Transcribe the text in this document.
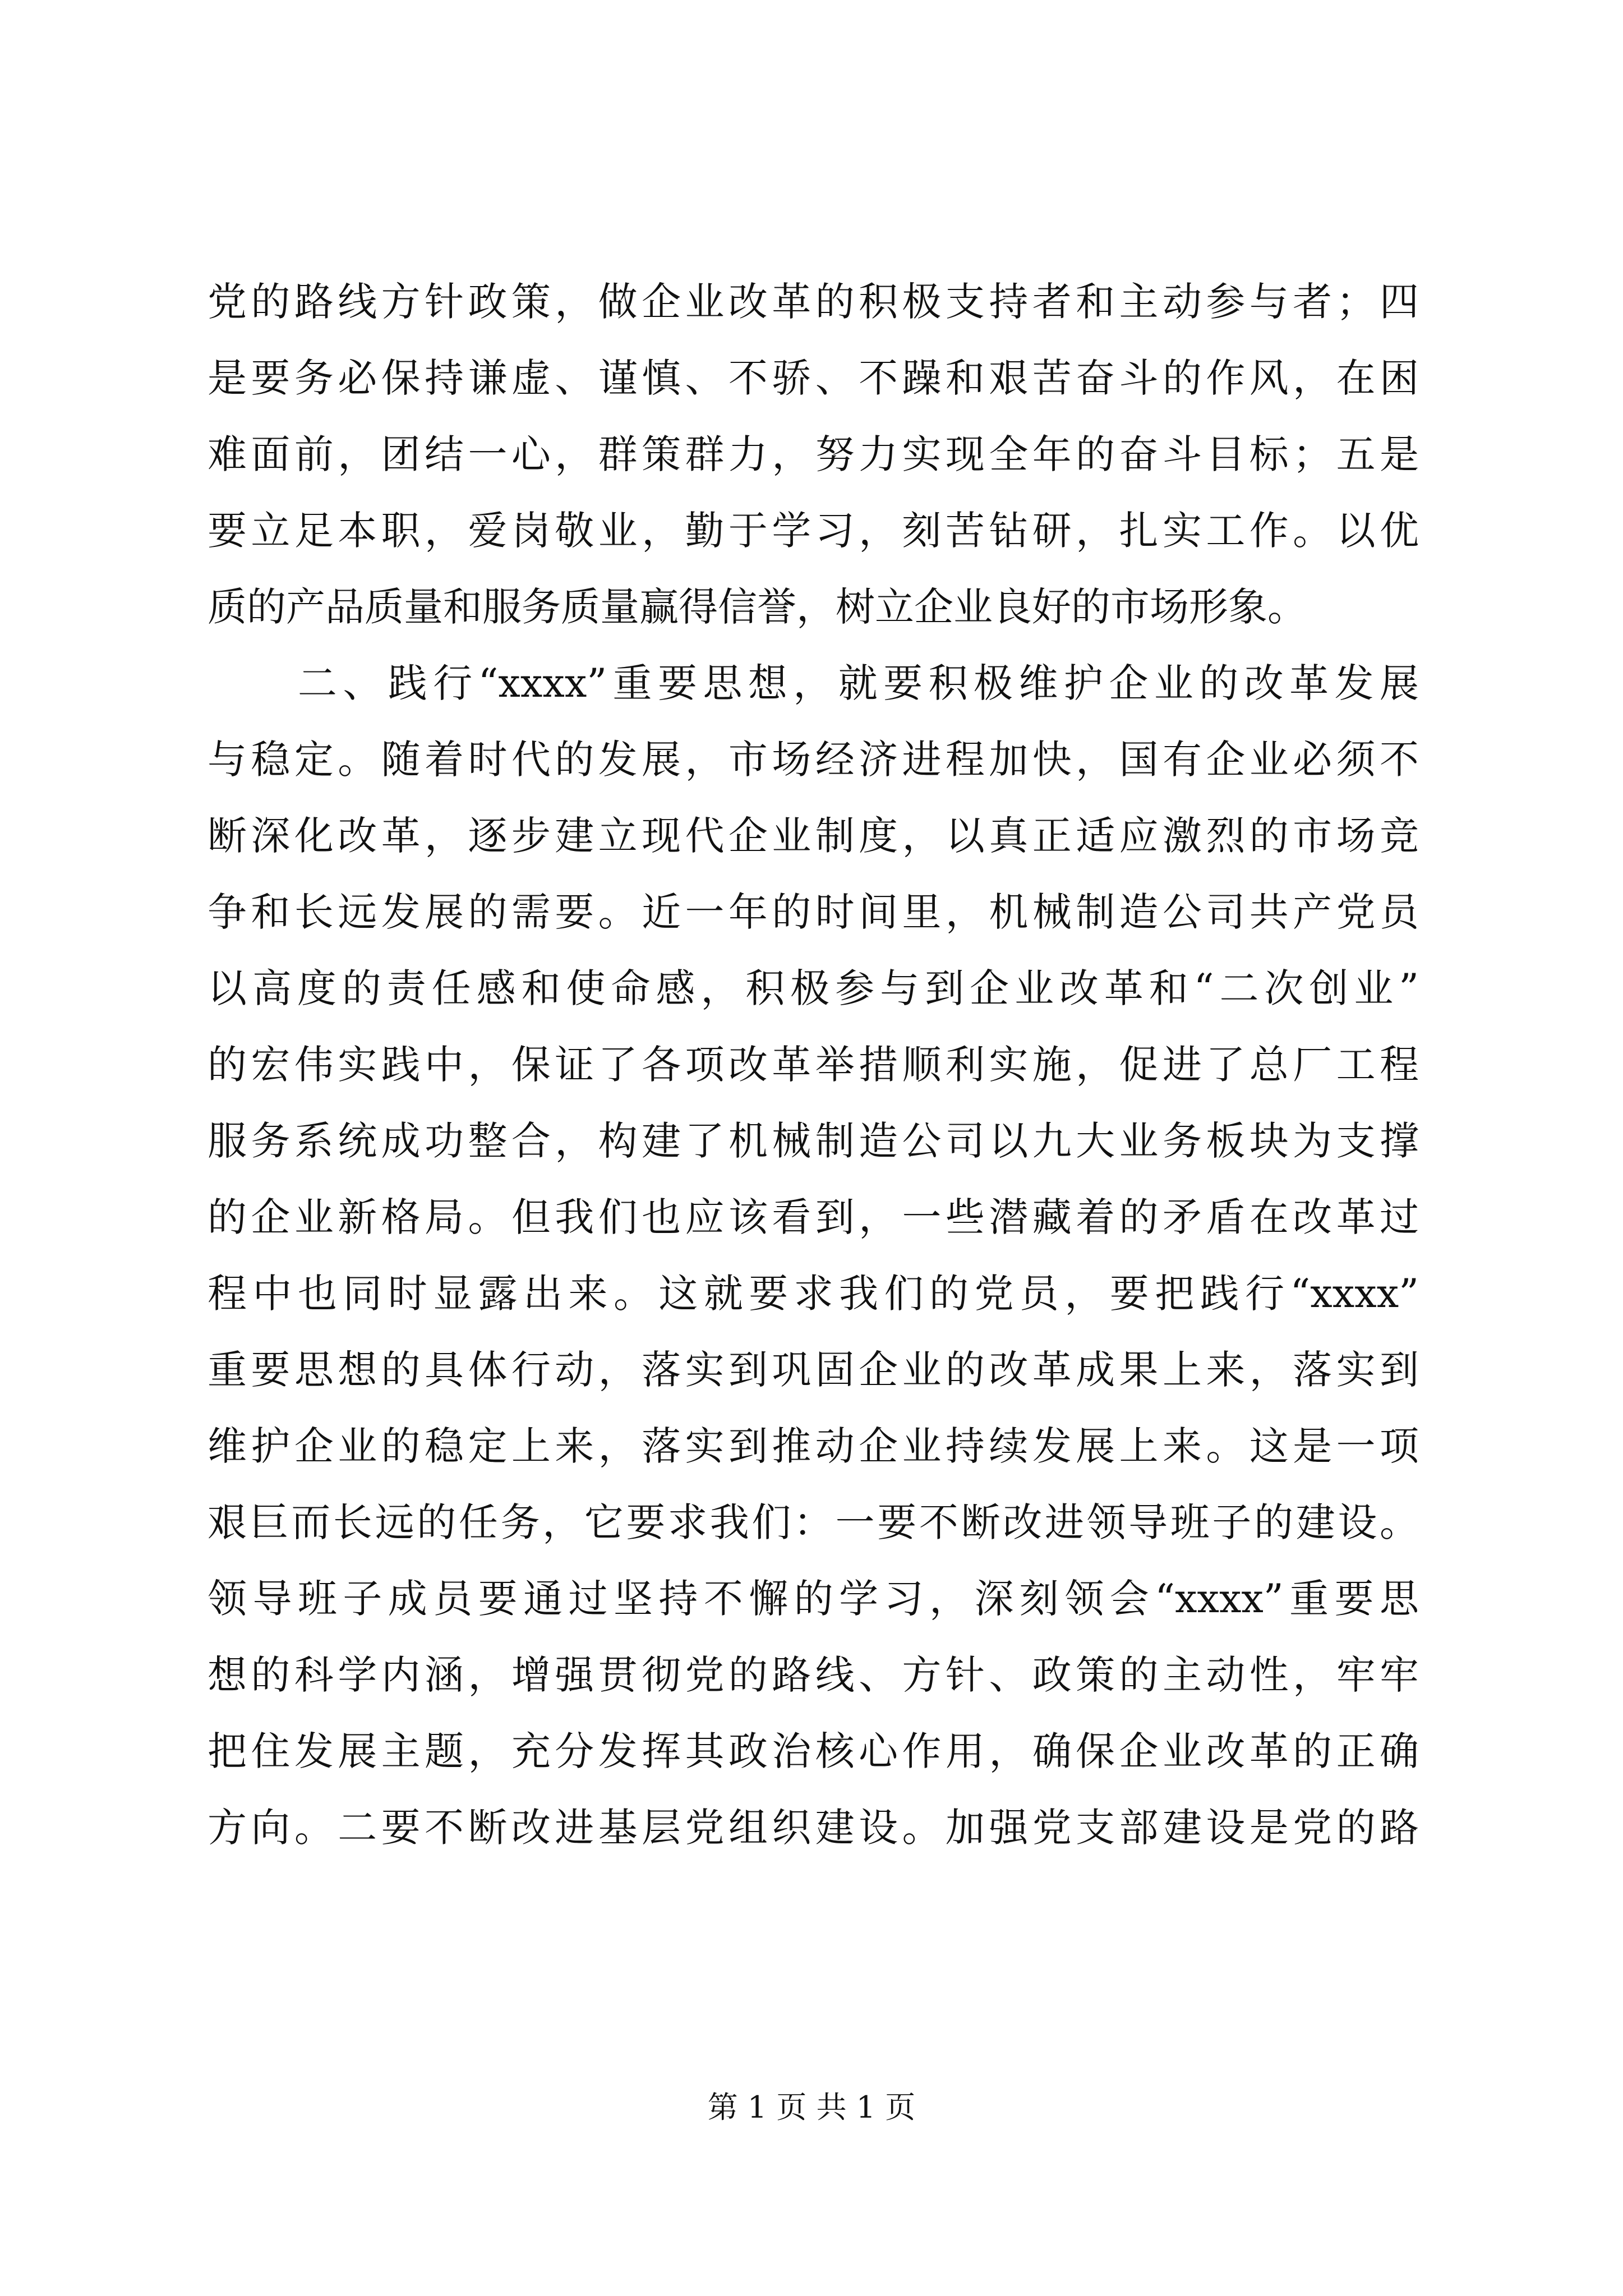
党的路线方针政策，做企业改革的积极支持者和主动参与者；四
是要务必保持谦虚、谨慎、不骄、不躁和艰苦奋斗的作风，在困
难面前，团结一心，群策群力，努力实现全年的奋斗目标；五是
要立足本职，爱岗敬业，勤于学习，刻苦钻研，扎实工作。以优
质的产品质量和服务质量赢得信誉，树立企业良好的市场形象。
　　二、践行“xxxx”重要思想，就要积极维护企业的改革发展
与稳定。随着时代的发展，市场经济进程加快，国有企业必须不
断深化改革，逐步建立现代企业制度，以真正适应激烈的市场竞
争和长远发展的需要。近一年的时间里，机械制造公司共产党员
以高度的责任感和使命感，积极参与到企业改革和“二次创业”
的宏伟实践中，保证了各项改革举措顺利实施，促进了总厂工程
服务系统成功整合，构建了机械制造公司以九大业务板块为支撑
的企业新格局。但我们也应该看到，一些潜藏着的矛盾在改革过
程中也同时显露出来。这就要求我们的党员，要把践行“xxxx”
重要思想的具体行动，落实到巩固企业的改革成果上来，落实到
维护企业的稳定上来，落实到推动企业持续发展上来。这是一项
艰巨而长远的任务，它要求我们：一要不断改进领导班子的建设。
领导班子成员要通过坚持不懈的学习，深刻领会“xxxx”重要思
想的科学内涵，增强贯彻党的路线、方针、政策的主动性，牢牢
把住发展主题，充分发挥其政治核心作用，确保企业改革的正确
方向。二要不断改进基层党组织建设。加强党支部建设是党的路
第 1 页 共 1 页
